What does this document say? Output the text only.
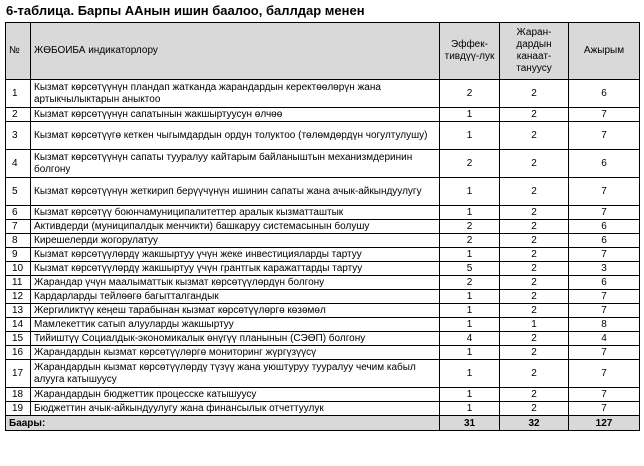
6-таблица. Барпы ААнын ишин баалоо, баллдар менен
№	ЖӨБОИБА индикаторлору	Эффек-тивдүү-лук	Жаран-дардын канаат-тануусу	Ажырым
1	Кызмат көрсөтүүнүн пландап жатканда жарандардын керектөөлөрүн жана артыкчылыктарын аныктоо	2	2	6
2	Кызмат көрсөтүүнүн сапатынын жакшыртуусун өлчөө	1	2	7
3	Кызмат көрсөтүүгө кеткен чыгымдардын ордун толуктоо (төлөмдөрдүн чогултулушу)	1	2	7
4	Кызмат көрсөтүүнүн сапаты тууралуу кайтарым байланыштын механизмдеринин болгону	2	2	6
5	Кызмат көрсөтүүнүн жеткирип берүүчүнүн ишинин сапаты жана ачык-айкындуулугу	1	2	7
6	Кызмат көрсөтүү боюнчамуниципалитеттер аралык кызматташтык	1	2	7
7	Активдерди (муниципалдык менчикти) башкаруу системасынын болушу	2	2	6
8	Кирешелерди жогорулатуу	2	2	6
9	Кызмат көрсөтүүлөрдү жакшыртуу үчүн жеке инвестицияларды тартуу	1	2	7
10	Кызмат көрсөтүүлөрдү жакшыртуу үчүн грантгык каражаттарды тартуу	5	2	3
11	Жарандар үчүн маалыматтык кызмат көрсөтүүлөрдүн болгону	2	2	6
12	Кардарларды тейлөөгө багытталгандык	1	2	7
13	Жергиликтүү кеңеш тарабынан кызмат көрсөтүүлөргө көзөмөл	1	2	7
14	Мамлекеттик сатып алууларды жакшыртуу	1	1	8
15	Тийиштүү Социалдык-экономикалык өнүгүү планынын (СЭӨП) болгону	4	2	4
16	Жарандардын кызмат көрсөтүүлөргө мониторинг жүргүзүүсү	1	2	7
17	Жарандардын кызмат көрсөтүүлөрдү түзүү жана уюштуруу тууралуу чечим кабыл алууга катышуусу	1	2	7
18	Жарандардын бюджеттик процесске катышуусу	1	2	7
19	Бюджеттин ачык-айкындуулугу жана финансылык отчеттуулук	1	2	7
Баары:		31	32	127
